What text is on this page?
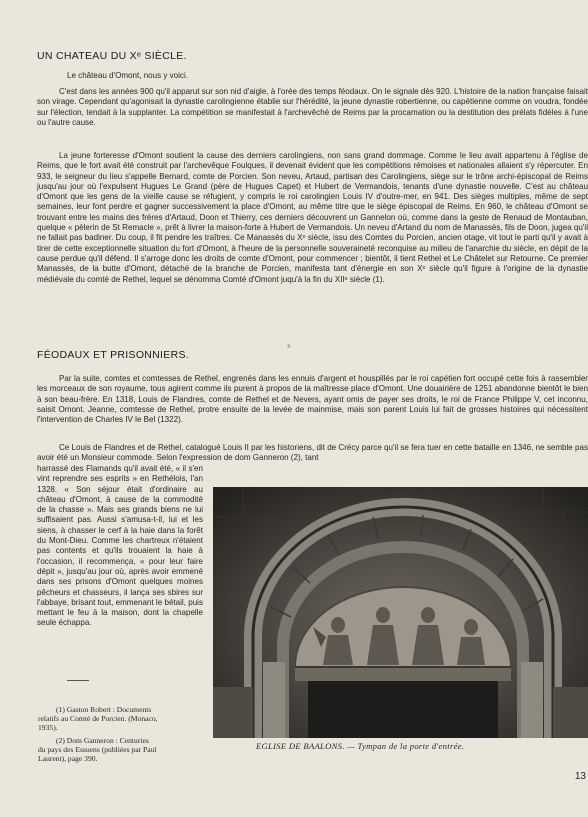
UN CHATEAU DU Xᵉ SIÈCLE.

Le château d'Omont, nous y voici.

C'est dans les années 900 qu'il apparut sur son nid d'aigle, à l'orée des temps féodaux. On le signale dès 920. L'histoire de la nation française faisait son virage. Cependant qu'agonisait la dynastie carolingienne établie sur l'hérédité, la jeune dynastie robertienne, ou capétienne comme on voudra, fondée sur l'élection, tendait à la supplanter. La compétition se manifestait à l'archevêché de Reims par la procamation ou la destitution des prélats fidèles à l'une ou l'autre cause.

La jeune forteresse d'Omont soutient la cause des derniers carolingiens, non sans grand dommage. Comme le lieu avait appartenu à l'église de Reims, que le fort avait été construit par l'archevêque Foulques, il devenait évident que les compétitions rémoises et nationales allaient s'y répercuter. En 933, le seigneur du lieu s'appelle Bernard, comte de Porcien. Son neveu, Artaud, partisan des Carolingiens, siège sur le trône archi-épiscopal de Reims jusqu'au jour où l'expulsent Hugues Le Grand (père de Hugues Capet) et Hubert de Vermandois, tenants d'une dynastie nouvelle. C'est au château d'Omont que les gens de la vieille cause se réfugient, y compris le roi carolingien Louis IV d'outre-mer, en 941. Des sièges multiples, même de sept semaines, leur font perdre et gagner successivement la place d'Omont, au même titre que le siège épiscopal de Reims. En 960, le château d'Omont se trouvant entre les mains des frères d'Artaud, Doon et Thierry, ces derniers découvrent un Gannelon où, comme dans la geste de Renaud de Montauban, quelque « pèlerin de St Remacle », prêt à livrer la maison-forte à Hubert de Vermandois. Un neveu d'Artand du nom de Manassès, fils de Doon, jugea qu'il ne fallait pas badiner. Du coup, il fit pendre les traîtres. Ce Manassès du Xᵉ siècle, issu des Comtes du Porcien, ancien otage, vit tout le parti qu'il y avait à tirer de cette exceptionnelle situation du fort d'Omont, à l'heure de la personnelle souveraineté reconquise au milieu de l'anarchie du siècle, en dépit de la cause perdue qu'il défend. Il s'arroge donc les droits de comte d'Omont, pour commencer ; bientôt, il tient Rethel et Le Châtelet sur Retourne. Ce premier Manassès, de la butte d'Omont, détaché de la branche de Porcien, manifesta tant d'énergie en son Xᵉ siècle qu'il figure à l'origine de la dynastie médiévale du comté de Rethel, lequel se dénomma Comté d'Omont juqu'à la fin du XIIᵉ siècle (1).

±
FÉODAUX ET PRISONNIERS.

Par la suite, comtes et comtesses de Rethel, engrenés dans les ennuis d'argent et houspillés par le roi capétien fort occupé cette fois à rassembler les morceaux de son royaume, tous agirent comme ils purent à propos de la maîtresse place d'Omont. Une douairière de 1251 abandonne bientôt le bien à son beau-frère. En 1318, Louis de Flandres, comte de Rethel et de Nevers, ayant omis de payer ses droits, le roi de France Philippe V, cet inconnu, saisit Omont. Jeanne, comtesse de Rethel, protre ensuite de la levée de mainmise, mais son parent Louis lui fait de grosses histoires qui nécessitent l'intervention de Charles IV le Bel (1322).

Ce Louis de Flandres et de Rethel, catalogué Louis II par les historiens, dit de Crécy parce qu'il se fera tuer en cette bataille en 1346, ne semble pas avoir été un Monsieur commode. Selon l'expression de dom Ganneron (2), tant

harrassé des Flamands qu'il avait été, « il s'en vint reprendre ses esprits » en Rethélois, l'an 1328. « Son séjour était d'ordinaire au château d'Omont, à cause de la commodité de la chasse ». Mais ses grands biens ne lui suffisaient pas. Aussi s'amusa-t-il, lui et les siens, à chasser le cerf à la haie dans la forêt du Mont-Dieu. Comme les chartreux n'étaient pas contents et qu'ils trouaient la haie à l'occasion, il recommença, « pour leur faire dépit », jusqu'au jour où, après avoir emmené dans ses prisons d'Omont quelques moines pêcheurs et chasseurs, il lança ses sbires sur l'abbaye, brisant tout, emmenant le bétail, puis mettant le feu à la maison, dont la chapelle seule échappa.

EGLISE DE BAALONS. — Tympan de la porte d'entrée.

(1) Gaston Robert : Documents relatifs au Comté de Porcien. (Monaco, 1935).

(2) Dom Ganneron : Centuries du pays des Essuens (publiées par Paul Laurent), page 390.

13
